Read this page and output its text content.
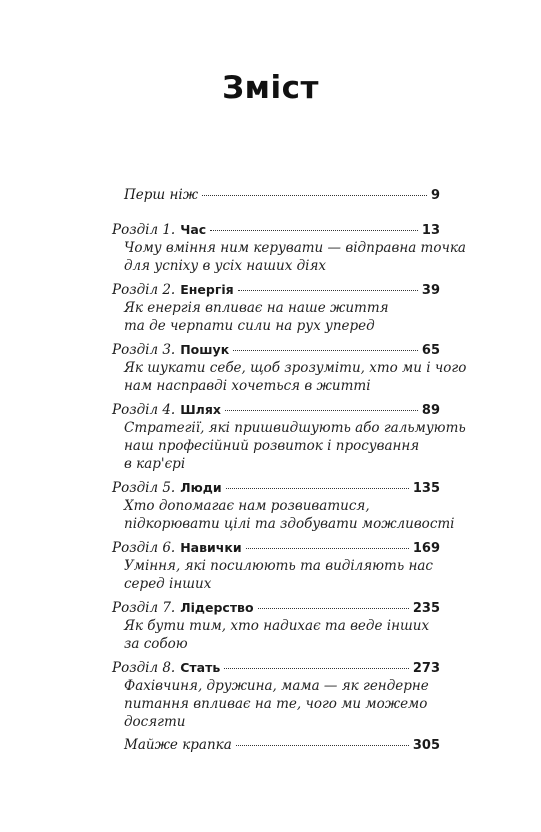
Зміст
Перш ніж	9
Розділ 1. Час	13
Чому вміння ним керувати — відправна точка
для успіху в усіх наших діях
Розділ 2. Енергія	39
Як енергія впливає на наше життя
та де черпати сили на рух уперед
Розділ 3. Пошук	65
Як шукати себе, щоб зрозуміти, хто ми і чого
нам насправді хочеться в житті
Розділ 4. Шлях	89
Стратегії, які пришвидшують або гальмують
наш професійний розвиток і просування
в кар'єрі
Розділ 5. Люди	135
Хто допомагає нам розвиватися,
підкорювати цілі та здобувати можливості
Розділ 6. Навички	169
Уміння, які посилюють та виділяють нас
серед інших
Розділ 7. Лідерство	235
Як бути тим, хто надихає та веде інших
за собою
Розділ 8. Стать	273
Фахівчиня, дружина, мама — як гендерне
питання впливає на те, чого ми можемо
досягти
Майже крапка	305
